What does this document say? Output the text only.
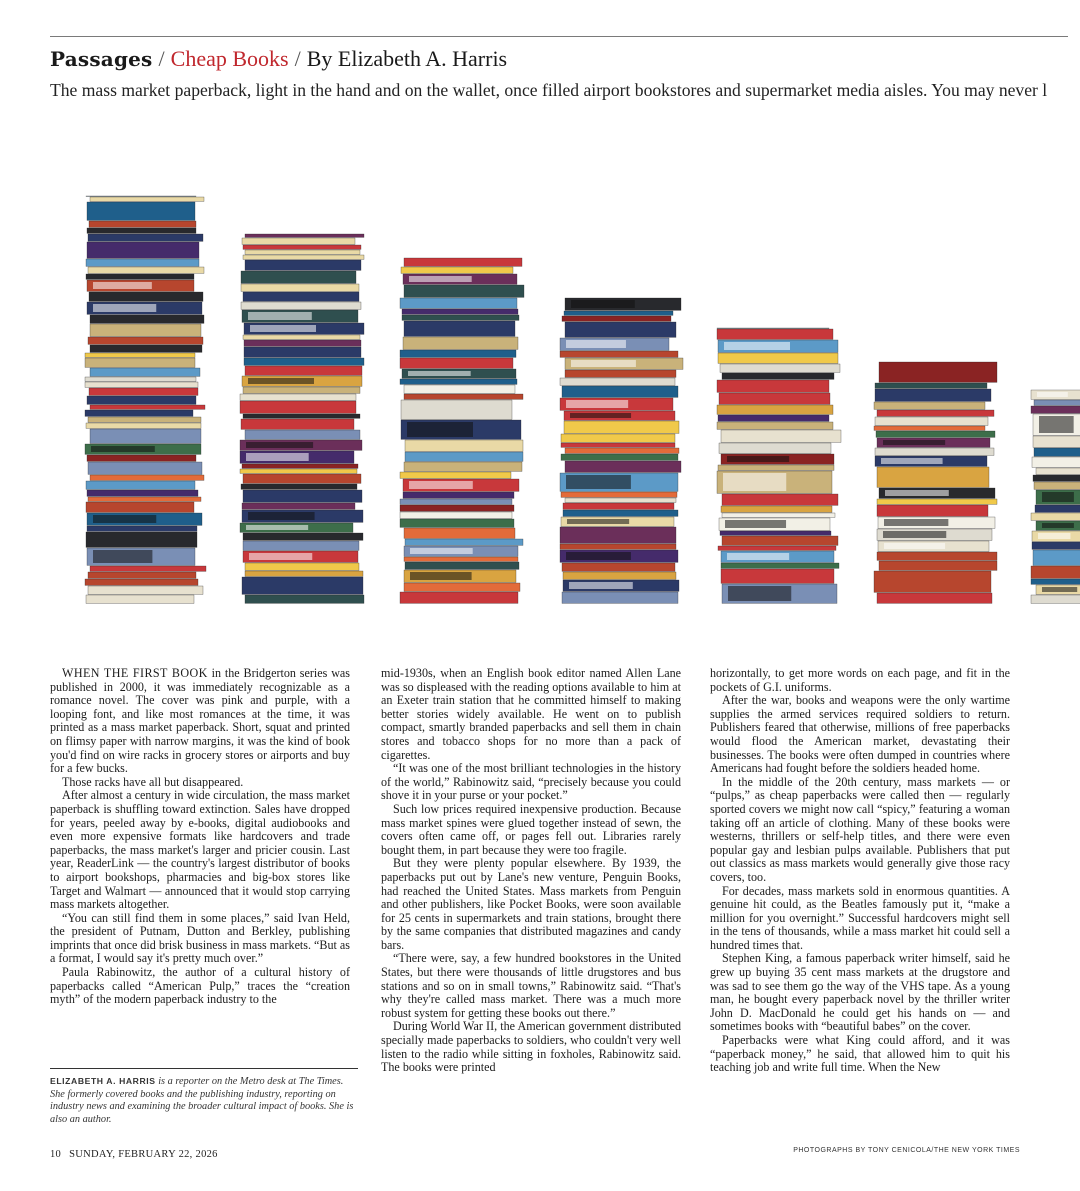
Passages / Cheap Books / By Elizabeth A. Harris
The mass market paperback, light in the hand and on the wallet, once filled airport bookstores and supermarket media aisles. You may never l

WHEN THE FIRST BOOK in the Bridgerton series was published in 2000, it was immediately recognizable as a romance novel. The cover was pink and purple, with a looping font, and like most romances at the time, it was printed as a mass market paperback. Short, squat and printed on flimsy paper with narrow margins, it was the kind of book you'd find on wire racks in grocery stores or airports and buy for a few bucks.

Those racks have all but disappeared.

After almost a century in wide circulation, the mass market paperback is shuffling toward extinction. Sales have dropped for years, peeled away by e-books, digital audiobooks and even more expensive formats like hardcovers and trade paperbacks, the mass market's larger and pricier cousin. Last year, ReaderLink — the country's largest distributor of books to airport bookshops, pharmacies and big-box stores like Target and Walmart — announced that it would stop carrying mass markets altogether.

“You can still find them in some places,” said Ivan Held, the president of Putnam, Dutton and Berkley, publishing imprints that once did brisk business in mass markets. “But as a format, I would say it's pretty much over.”

Paula Rabinowitz, the author of a cultural history of paperbacks called “American Pulp,” traces the “creation myth” of the modern paperback industry to the

mid-1930s, when an English book editor named Allen Lane was so displeased with the reading options available to him at an Exeter train station that he committed himself to making better stories widely available. He went on to publish compact, smartly branded paperbacks and sell them in chain stores and tobacco shops for no more than a pack of cigarettes.

“It was one of the most brilliant technologies in the history of the world,” Rabinowitz said, “precisely because you could shove it in your purse or your pocket.”

Such low prices required inexpensive production. Because mass market spines were glued together instead of sewn, the covers often came off, or pages fell out. Libraries rarely bought them, in part because they were too fragile.

But they were plenty popular elsewhere. By 1939, the paperbacks put out by Lane's new venture, Penguin Books, had reached the United States. Mass markets from Penguin and other publishers, like Pocket Books, were soon available for 25 cents in supermarkets and train stations, brought there by the same companies that distributed magazines and candy bars.

“There were, say, a few hundred bookstores in the United States, but there were thousands of little drugstores and bus stations and so on in small towns,” Rabinowitz said. “That's why they're called mass market. There was a much more robust system for getting these books out there.”

During World War II, the American government distributed specially made paperbacks to soldiers, who couldn't very well listen to the radio while sitting in foxholes, Rabinowitz said. The books were printed

horizontally, to get more words on each page, and fit in the pockets of G.I. uniforms.

After the war, books and weapons were the only wartime supplies the armed services required soldiers to return. Publishers feared that otherwise, millions of free paperbacks would flood the American market, devastating their businesses. The books were often dumped in countries where Americans had fought before the soldiers headed home.

In the middle of the 20th century, mass markets — or “pulps,” as cheap paperbacks were called then — regularly sported covers we might now call “spicy,” featuring a woman taking off an article of clothing. Many of these books were westerns, thrillers or self-help titles, and there were even popular gay and lesbian pulps available. Publishers that put out classics as mass markets would generally give those racy covers, too.

For decades, mass markets sold in enormous quantities. A genuine hit could, as the Beatles famously put it, “make a million for you overnight.” Successful hardcovers might sell in the tens of thousands, while a mass market hit could sell a hundred times that.

Stephen King, a famous paperback writer himself, said he grew up buying 35 cent mass markets at the drugstore and was sad to see them go the way of the VHS tape. As a young man, he bought every paperback novel by the thriller writer John D. MacDonald he could get his hands on — and sometimes books with “beautiful babes” on the cover.

Paperbacks were what King could afford, and it was “paperback money,” he said, that allowed him to quit his teaching job and write full time. When the New

ELIZABETH A. HARRIS is a reporter on the Metro desk at The Times. She formerly covered books and the publishing industry, reporting on industry news and examining the broader cultural impact of books. She is also an author.
10 SUNDAY, FEBRUARY 22, 2026	PHOTOGRAPHS BY TONY CENICOLA/THE NEW YORK TIMES
